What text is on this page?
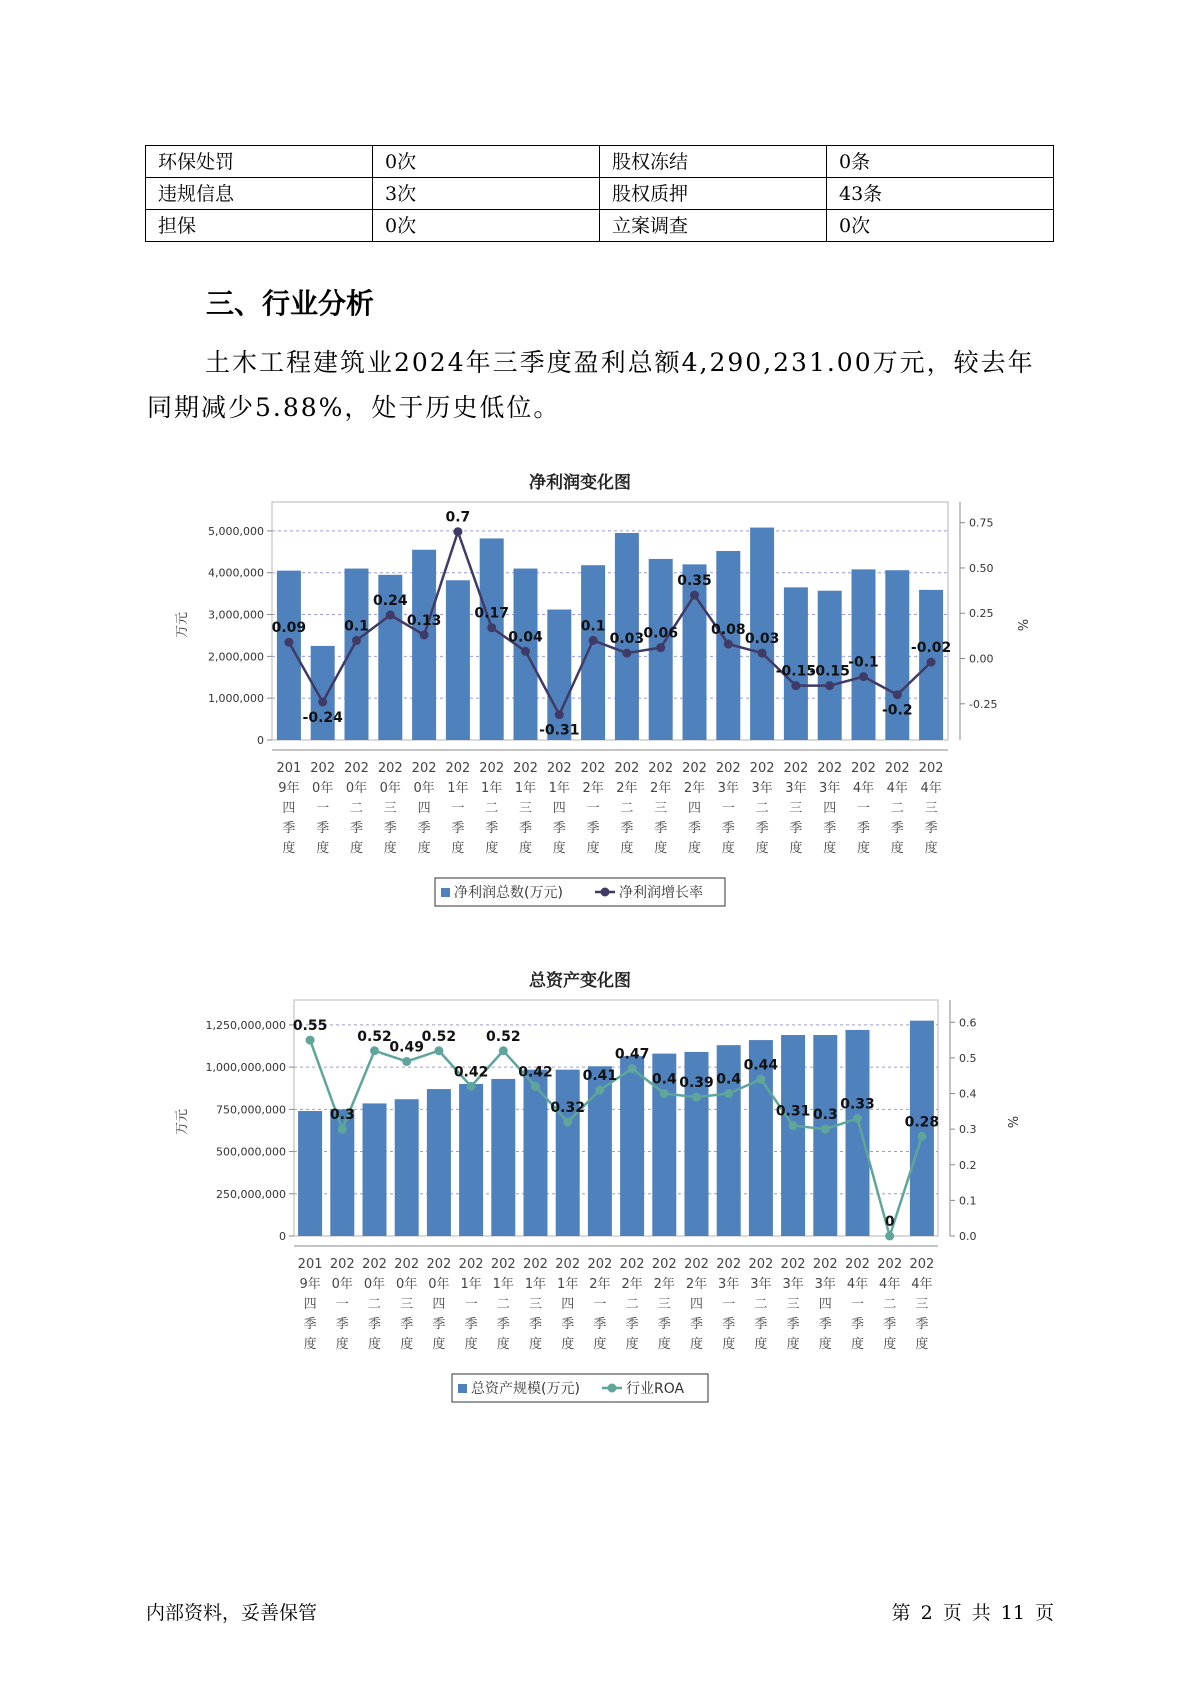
环保处罚	0次	股权冻结	0条
违规信息	3次	股权质押	43条
担保	0次	立案调查	0次
三、行业分析

土木工程建筑业2024年三季度盈利总额4,290,231.00万元，较去年同期减少5.88%，处于历史低位。

净利润变化图
0
1,000,000
2,000,000
3,000,000
4,000,000
5,000,000
-0.25
0.00
0.25
0.50
0.75
万元	%
201
9年
四
季
度
202
0年
一
季
度
202
0年
二
季
度
202
0年
三
季
度
202
0年
四
季
度
202
1年
一
季
度
202
1年
二
季
度
202
1年
三
季
度
202
1年
四
季
度
202
2年
一
季
度
202
2年
二
季
度
202
2年
三
季
度
202
2年
四
季
度
202
3年
一
季
度
202
3年
二
季
度
202
3年
三
季
度
202
3年
四
季
度
202
4年
一
季
度
202
4年
二
季
度
202
4年
三
季
度
0.09
-0.24
0.1
0.24
0.13
0.7
0.17
0.04
-0.31
0.1
0.03 0.06
0.35
0.08
0.03
-0.15
-0.15
-0.1
-0.2
-0.02
净利润总数(万元)	净利润增长率
总资产变化图
0
250,000,000
500,000,000
750,000,000
1,000,000,000
1,250,000,000
0.0
0.1
0.2
0.3
0.4
0.5
0.6
万元	%
201
9年
四
季
度
202
0年
一
季
度
202
0年
二
季
度
202
0年
三
季
度
202
0年
四
季
度
202
1年
一
季
度
202
1年
二
季
度
202
1年
三
季
度
202
1年
四
季
度
202
2年
一
季
度
202
2年
二
季
度
202
2年
三
季
度
202
2年
四
季
度
202
3年
一
季
度
202
3年
二
季
度
202
3年
三
季
度
202
3年
四
季
度
202
4年
一
季
度
202
4年
二
季
度
202
4年
三
季
度
0.55
0.3
0.52
0.49
0.52
0.42
0.52
0.42
0.32
0.41
0.47
0.4 0.39 0.4
0.44
0.31 0.3
0.33
0
0.28
总资产规模(万元)	行业ROA
内部资料，妥善保管	第 2 页 共 11 页
